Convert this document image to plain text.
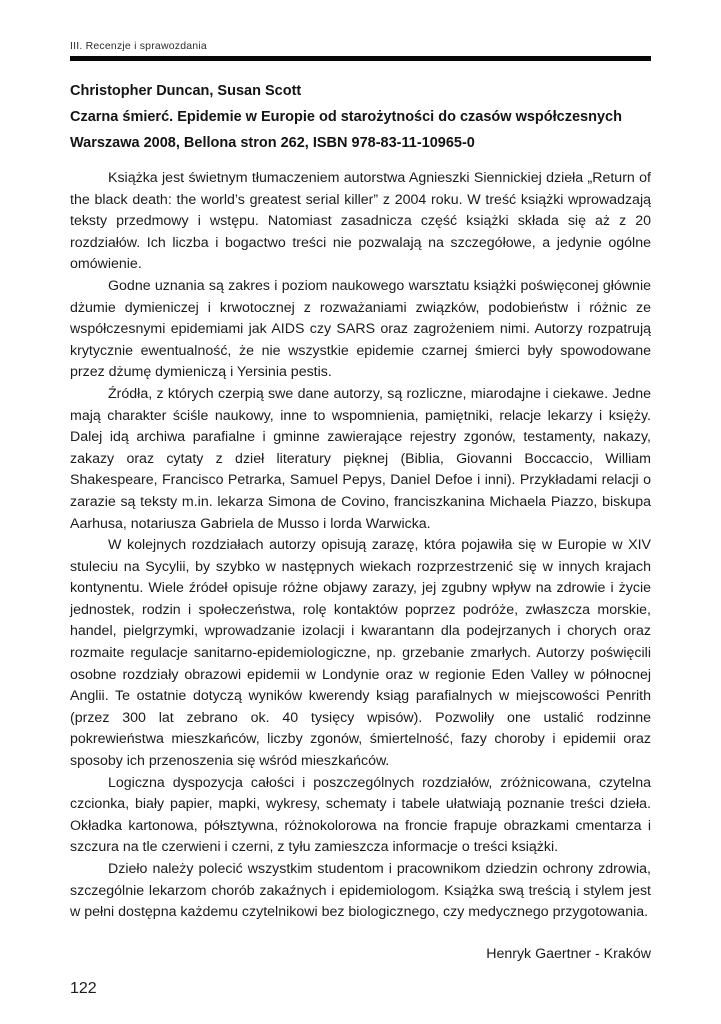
III. Recenzje i sprawozdania
Christopher Duncan, Susan Scott
Czarna śmierć. Epidemie w Europie od starożytności do czasów współczesnych
Warszawa 2008, Bellona stron 262, ISBN 978-83-11-10965-0

Książka jest świetnym tłumaczeniem autorstwa Agnieszki Siennickiej dzieła „Return of the black death: the world’s greatest serial killer” z 2004 roku. W treść książki wprowadzają teksty przedmowy i wstępu. Natomiast zasadnicza część książki składa się aż z 20 rozdziałów. Ich liczba i bogactwo treści nie pozwalają na szczegółowe, a jedynie ogólne omówienie.

Godne uznania są zakres i poziom naukowego warsztatu książki poświęconej głównie dżumie dymieniczej i krwotocznej z rozważaniami związków, podobieństw i różnic ze współczesnymi epidemiami jak AIDS czy SARS oraz zagrożeniem nimi. Autorzy rozpatrują krytycznie ewentualność, że nie wszystkie epidemie czarnej śmierci były spowodowane przez dżumę dymieniczą i Yersinia pestis.

Źródła, z których czerpią swe dane autorzy, są rozliczne, miarodajne i ciekawe. Jedne mają charakter ściśle naukowy, inne to wspomnienia, pamiętniki, relacje lekarzy i księży. Dalej idą archiwa parafialne i gminne zawierające rejestry zgonów, testamenty, nakazy, zakazy oraz cytaty z dzieł literatury pięknej (Biblia, Giovanni Boccaccio, William Shakespeare, Francisco Petrarka, Samuel Pepys, Daniel Defoe i inni). Przykładami relacji o zarazie są teksty m.in. lekarza Simona de Covino, franciszkanina Michaela Piazzo, biskupa Aarhusa, notariusza Gabriela de Musso i lorda Warwicka.

W kolejnych rozdziałach autorzy opisują zarazę, która pojawiła się w Europie w XIV stuleciu na Sycylii, by szybko w następnych wiekach rozprzestrzenić się w innych krajach kontynentu. Wiele źródeł opisuje różne objawy zarazy, jej zgubny wpływ na zdrowie i życie jednostek, rodzin i społeczeństwa, rolę kontaktów poprzez podróże, zwłaszcza morskie, handel, pielgrzymki, wprowadzanie izolacji i kwarantann dla podejrzanych i chorych oraz rozmaite regulacje sanitarno-epidemiologiczne, np. grzebanie zmarłych. Autorzy poświęcili osobne rozdziały obrazowi epidemii w Londynie oraz w regionie Eden Valley w północnej Anglii. Te ostatnie dotyczą wyników kwerendy ksiąg parafialnych w miejscowości Penrith (przez 300 lat zebrano ok. 40 tysięcy wpisów). Pozwoliły one ustalić rodzinne pokrewieństwa mieszkańców, liczby zgonów, śmiertelność, fazy choroby i epidemii oraz sposoby ich przenoszenia się wśród mieszkańców.

Logiczna dyspozycja całości i poszczególnych rozdziałów, zróżnicowana, czytelna czcionka, biały papier, mapki, wykresy, schematy i tabele ułatwiają poznanie treści dzieła. Okładka kartonowa, półsztywna, różnokolorowa na froncie frapuje obrazkami cmentarza i szczura na tle czerwieni i czerni, z tyłu zamieszcza informacje o treści książki.

Dzieło należy polecić wszystkim studentom i pracownikom dziedzin ochrony zdrowia, szczególnie lekarzom chorób zakaźnych i epidemiologom. Książka swą treścią i stylem jest w pełni dostępna każdemu czytelnikowi bez biologicznego, czy medycznego przygotowania.

Henryk Gaertner - Kraków
122
